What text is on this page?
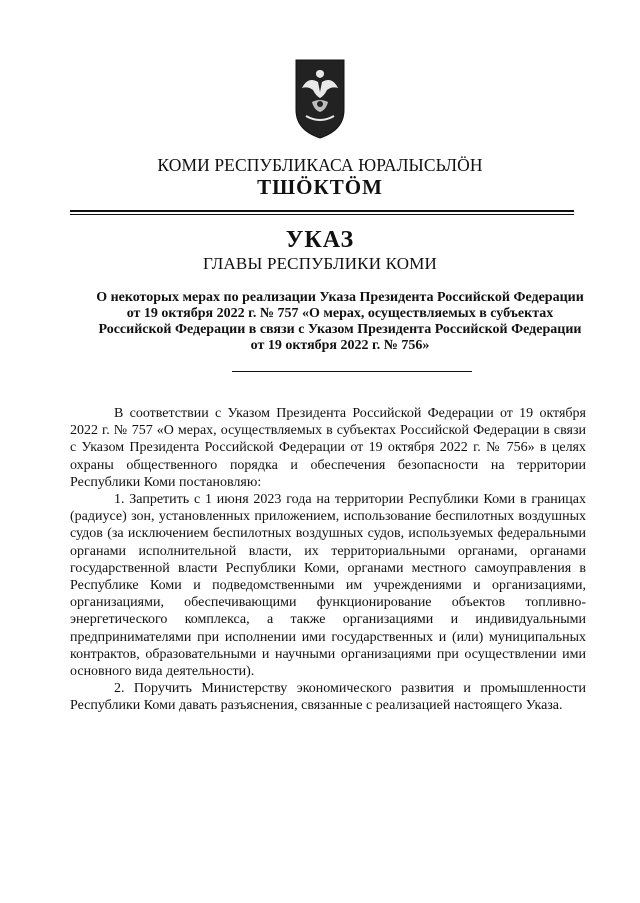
КОМИ РЕСПУБЛИКАСА ЮРАЛЫСЬЛӦН
ТШӦКТӦМ
УКАЗ
ГЛАВЫ РЕСПУБЛИКИ КОМИ
О некоторых мерах по реализации Указа Президента Российской Федерации от 19 октября 2022 г. № 757 «О мерах, осуществляемых в субъектах Российской Федерации в связи с Указом Президента Российской Федерации от 19 октября 2022 г. № 756»

В соответствии с Указом Президента Российской Федерации от 19 октября 2022 г. № 757 «О мерах, осуществляемых в субъектах Российской Федерации в связи с Указом Президента Российской Федерации от 19 октября 2022 г. № 756» в целях охраны общественного порядка и обеспечения безопасности на территории Республики Коми постановляю:

1. Запретить с 1 июня 2023 года на территории Республики Коми в границах (радиусе) зон, установленных приложением, использование беспилотных воздушных судов (за исключением беспилотных воздушных судов, используемых федеральными органами исполнительной власти, их территориальными органами, органами государственной власти Республики Коми, органами местного самоуправления в Республике Коми и подведомственными им учреждениями и организациями, организациями, обеспечивающими функционирование объектов топливно-энергетического комплекса, а также организациями и индивидуальными предпринимателями при исполнении ими государственных и (или) муниципальных контрактов, образовательными и научными организациями при осуществлении ими основного вида деятельности).

2. Поручить Министерству экономического развития и промышленности Республики Коми давать разъяснения, связанные с реализацией настоящего Указа.
